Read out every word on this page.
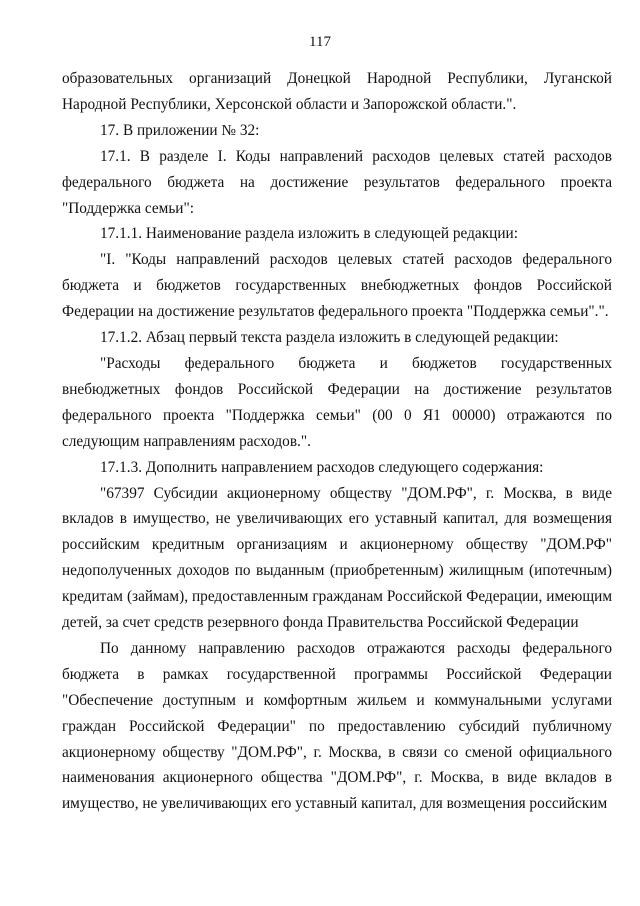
117

образовательных организаций Донецкой Народной Республики, Луганской Народной Республики, Херсонской области и Запорожской области.".

17. В приложении № 32:

17.1. В разделе I. Коды направлений расходов целевых статей расходов федерального бюджета на достижение результатов федерального проекта "Поддержка семьи":

17.1.1. Наименование раздела изложить в следующей редакции:

"I. "Коды направлений расходов целевых статей расходов федерального бюджета и бюджетов государственных внебюджетных фондов Российской Федерации на достижение результатов федерального проекта "Поддержка семьи".".

17.1.2. Абзац первый текста раздела изложить в следующей редакции:

"Расходы федерального бюджета и бюджетов государственных внебюджетных фондов Российской Федерации на достижение результатов федерального проекта "Поддержка семьи" (00 0 Я1 00000) отражаются по следующим направлениям расходов.".

17.1.3. Дополнить направлением расходов следующего содержания:

"67397 Субсидии акционерному обществу "ДОМ.РФ", г. Москва, в виде вкладов в имущество, не увеличивающих его уставный капитал, для возмещения российским кредитным организациям и акционерному обществу "ДОМ.РФ" недополученных доходов по выданным (приобретенным) жилищным (ипотечным) кредитам (займам), предоставленным гражданам Российской Федерации, имеющим детей, за счет средств резервного фонда Правительства Российской Федерации

По данному направлению расходов отражаются расходы федерального бюджета в рамках государственной программы Российской Федерации "Обеспечение доступным и комфортным жильем и коммунальными услугами граждан Российской Федерации" по предоставлению субсидий публичному акционерному обществу "ДОМ.РФ", г. Москва, в связи со сменой официального наименования акционерного общества "ДОМ.РФ", г. Москва, в виде вкладов в имущество, не увеличивающих его уставный капитал, для возмещения российским
